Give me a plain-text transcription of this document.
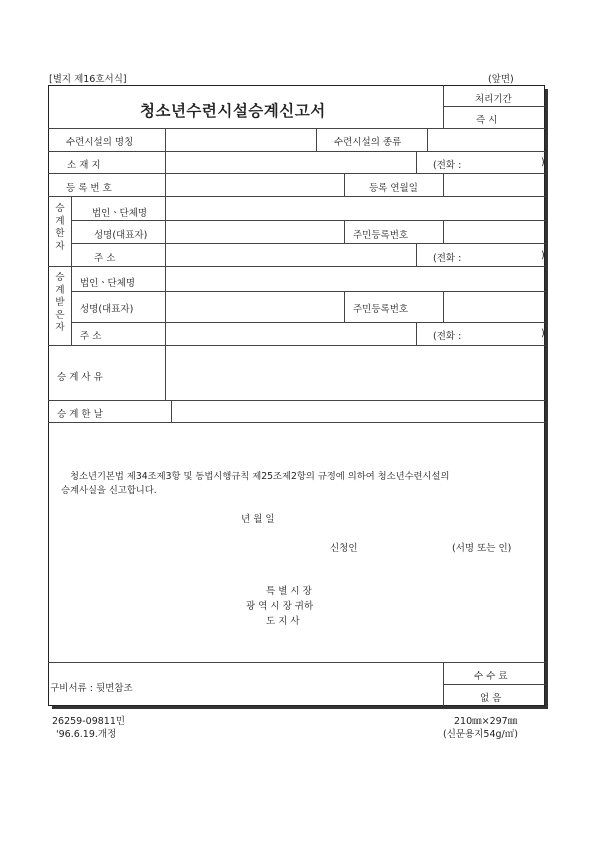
[별지 제16호서식]	(앞면)
청소년수련시설승계신고서
처리기간
즉 시
수련시설의 명칭	수련시설의 종류
소 재 지	(전화 :	)
등 록 번 호	등록 연월일
승
계
한
자
법인ㆍ단체명
성명(대표자)	주민등록번호
주 소	(전화 :	)
승
계
받
은
자
법인ㆍ단체명
성명(대표자)	주민등록번호
주 소	(전화 :	)
승 계 사 유
승 계 한 날
청소년기본법 제34조제3항 및 동법시행규칙 제25조제2항의 규정에 의하여 청소년수련시설의
승계사실을 신고합니다.
년 월 일
신청인	(서명 또는 인)
특 별 시 장
광 역 시 장 귀하
도 지 사
구비서류 : 뒷면참조
수 수 료
없 음
26259-09811민
'96.6.19.개정
210㎜×297㎜
(신문용지54g/㎡)
